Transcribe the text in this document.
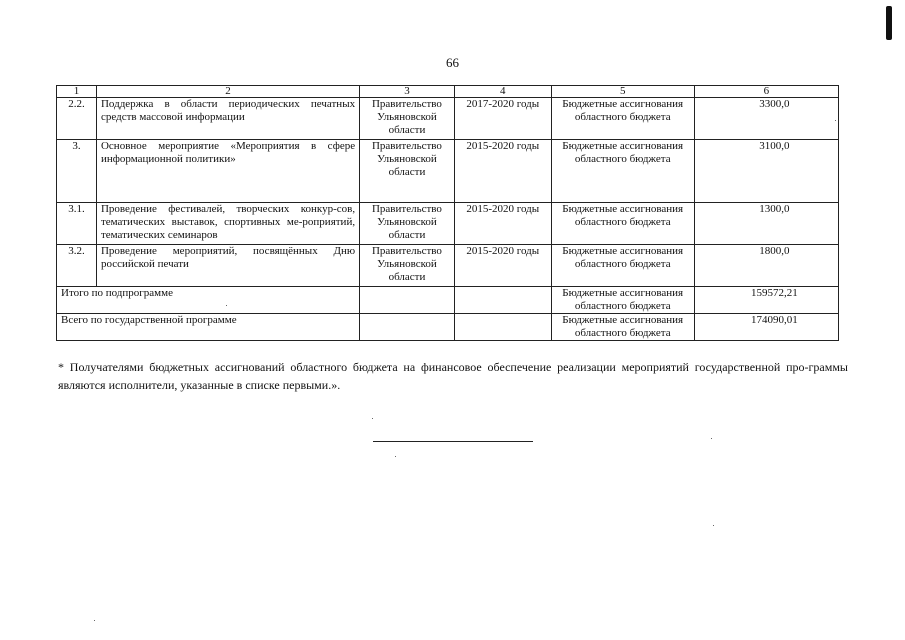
66
1	2	3	4	5	6
2.2.	Поддержка в области периодических печатных средств массовой информации	Правительство Ульяновской области	2017-2020 годы	Бюджетные ассигнования областного бюджета	3300,0
3.	Основное мероприятие «Мероприятия в сфере информационной политики»	Правительство Ульяновской области	2015-2020 годы	Бюджетные ассигнования областного бюджета	3100,0
3.1.	Проведение фестивалей, творческих конкур-сов, тематических выставок, спортивных ме-роприятий, тематических семинаров	Правительство Ульяновской области	2015-2020 годы	Бюджетные ассигнования областного бюджета	1300,0
3.2.	Проведение мероприятий, посвящённых Дню российской печати	Правительство Ульяновской области	2015-2020 годы	Бюджетные ассигнования областного бюджета	1800,0
Итого по подпрограмме				Бюджетные ассигнования областного бюджета	159572,21
Всего по государственной программе				Бюджетные ассигнования областного бюджета	174090,01
* Получателями бюджетных ассигнований областного бюджета на финансовое обеспечение реализации мероприятий государственной про-граммы являются исполнители, указанные в списке первыми.».
